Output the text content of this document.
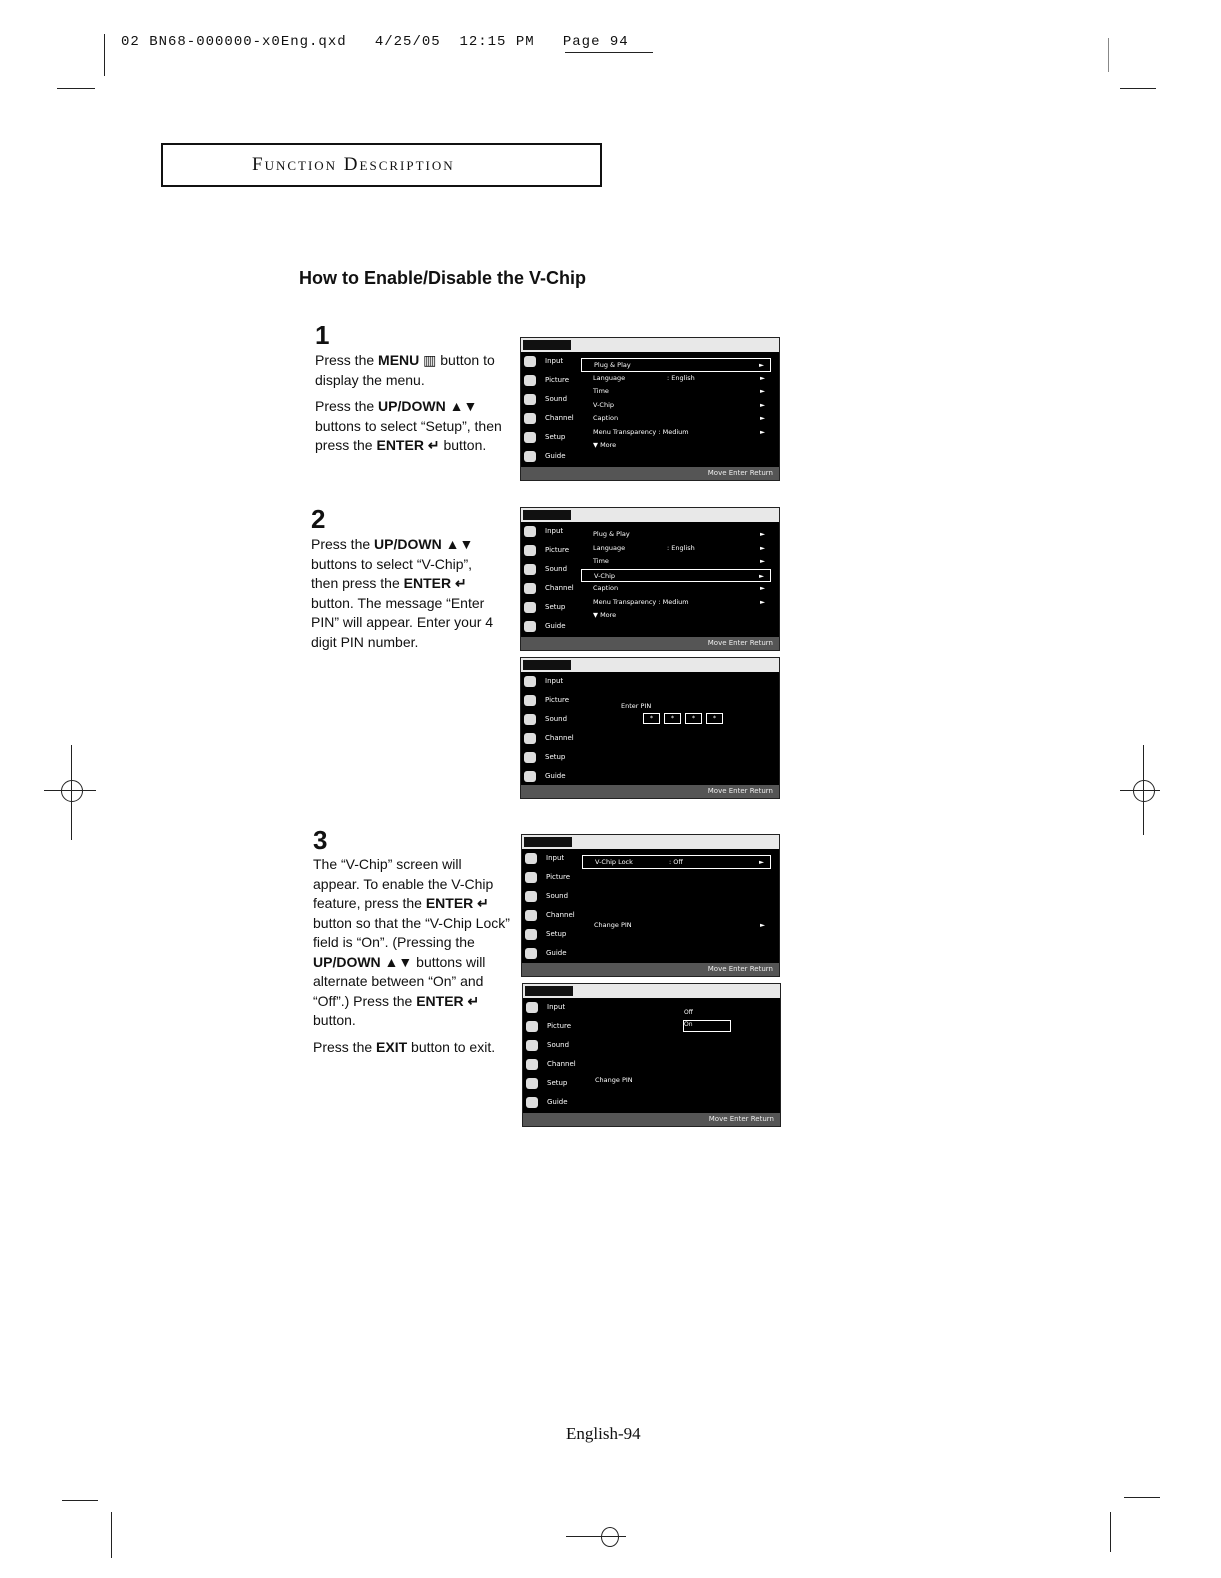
02 BN68-000000-x0Eng.qxd   4/25/05  12:15 PM   Page 94
Function Description
How to Enable/Disable the V-Chip
1

Press the MENU ▥ button to display the menu.

Press the UP/DOWN ▲▼ buttons to select “Setup”, then press the ENTER ↵ button.

2

Press the UP/DOWN ▲▼ buttons to select “V-Chip”, then press the ENTER ↵ button. The message “Enter PIN” will appear. Enter your 4 digit PIN number.

3

The “V-Chip” screen will appear. To enable the V-Chip feature, press the ENTER ↵ button so that the “V-Chip Lock” field is “On”. (Pressing the UP/DOWN ▲▼ buttons will alternate between “On” and “Off”.) Press the ENTER ↵ button.

Press the EXIT button to exit.

Input
Picture
Sound
Channel
Setup
Guide
Plug & Play	►
Language	: English	►
Time	►
V-Chip	►
Caption	►
Menu Transparency : Medium	►
▼ More
Move Enter Return
Input
Picture
Sound
Channel
Setup
Guide
Plug & Play	►
Language	: English	►
Time	►
V-Chip	►
Caption	►
Menu Transparency : Medium	►
▼ More
Move Enter Return
Input
Picture
Sound
Channel
Setup
Guide
Enter PIN
*	*	*	*
Move Enter Return
Input
Picture
Sound
Channel
Setup
Guide
V-Chip Lock	: Off	►
Change PIN	►
Move Enter Return
Input
Picture
Sound
Channel
Setup
Guide
Off
On
Change PIN
Move Enter Return
English-94
